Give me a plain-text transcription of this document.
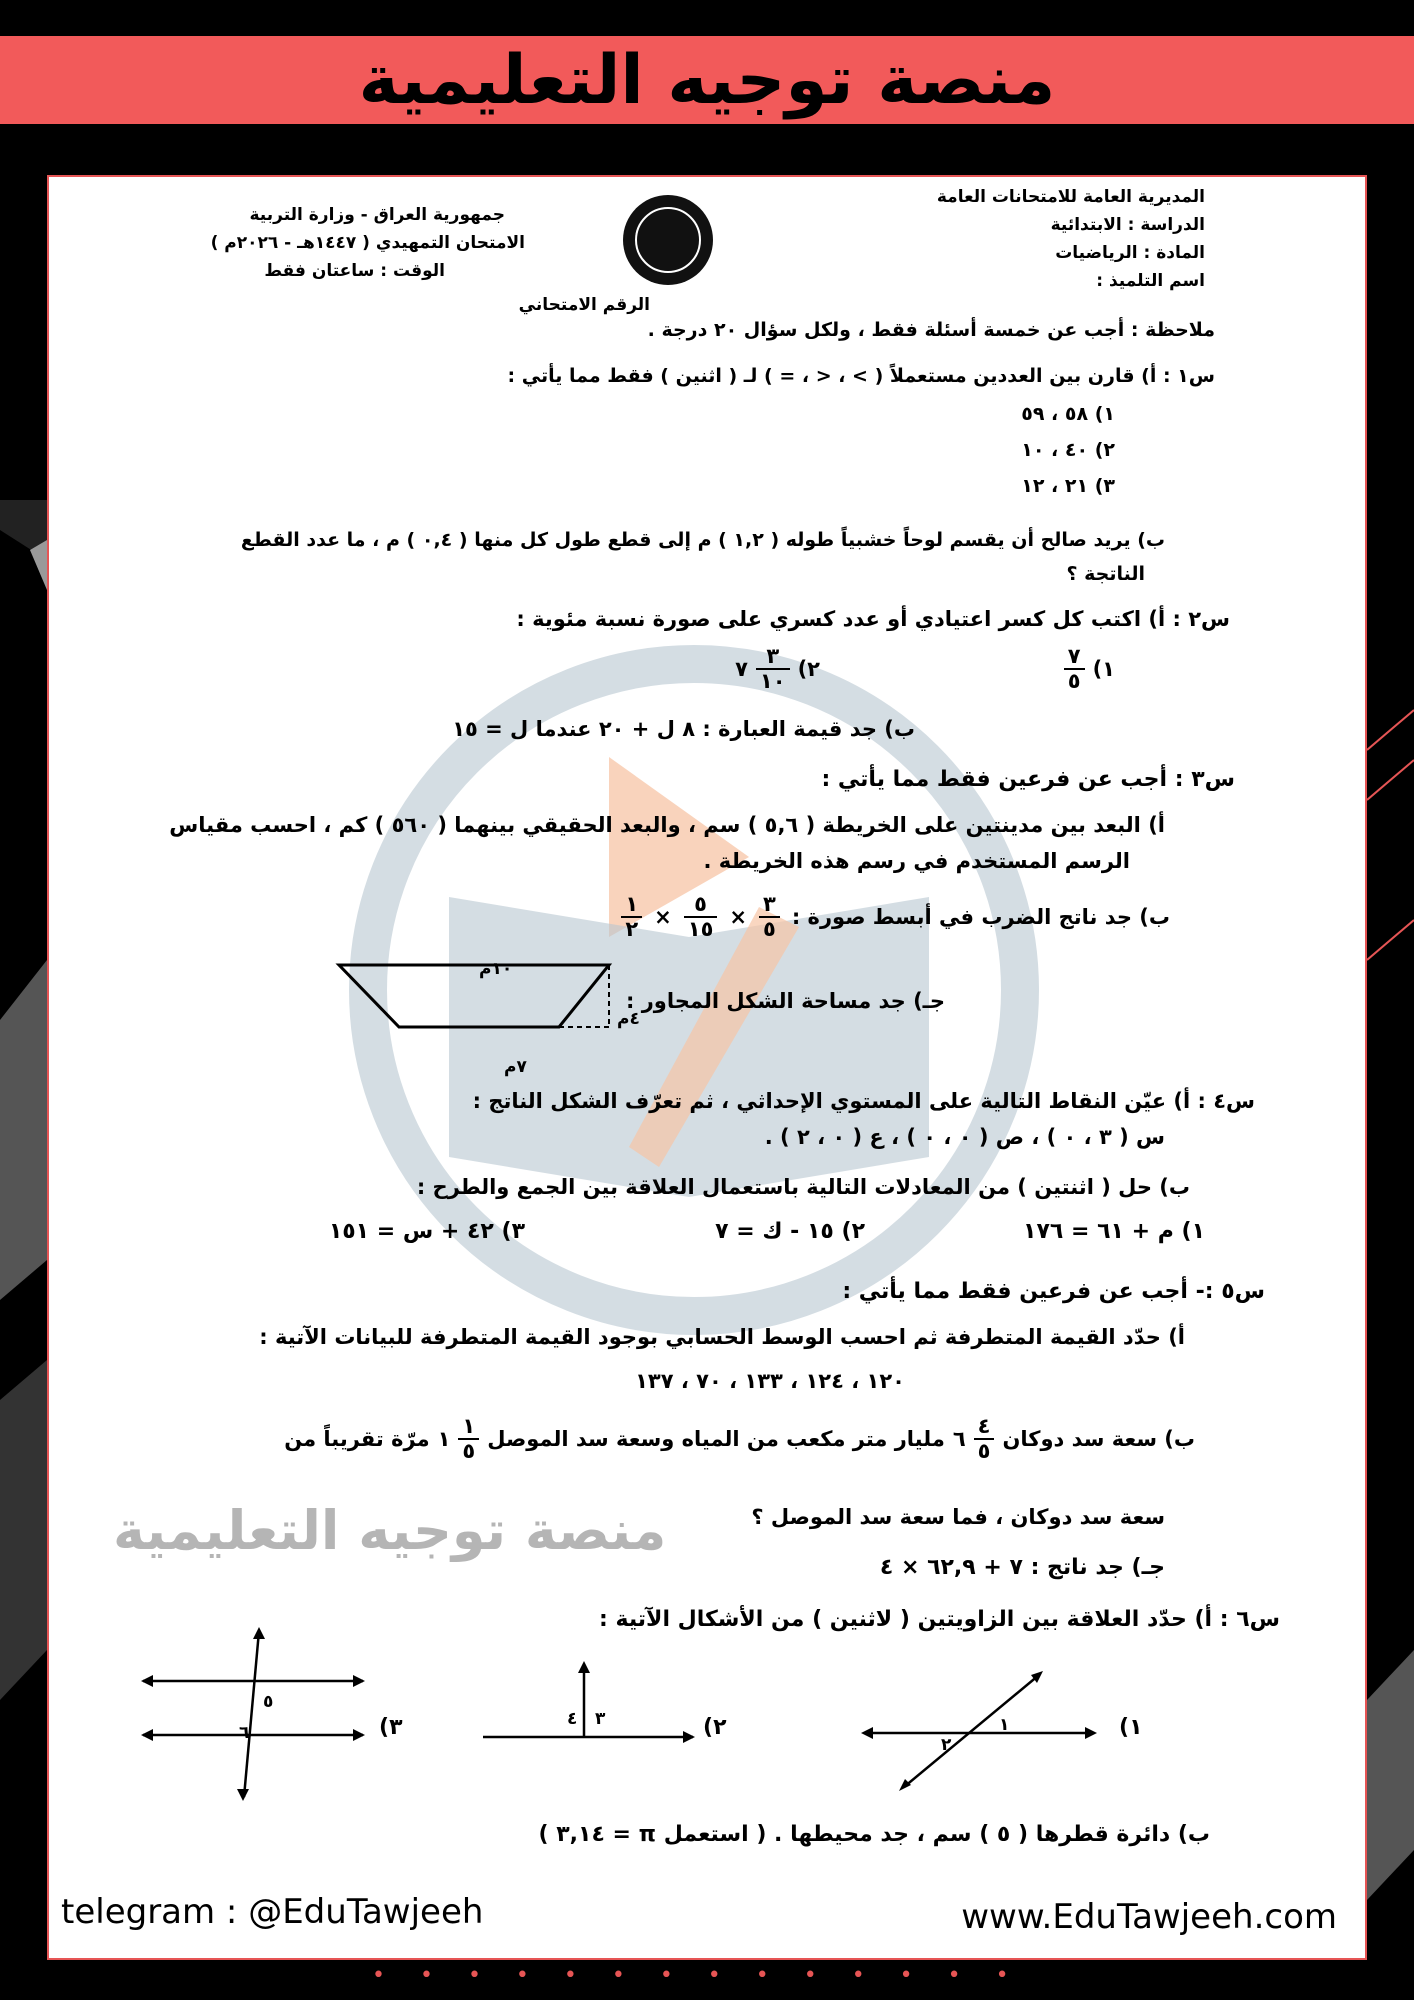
منصة توجيه التعليمية
المديرية العامة للامتحانات العامة
الدراسة : الابتدائية
المادة : الرياضيات
اسم التلميذ :
جمهورية العراق - وزارة التربية
الامتحان التمهيدي ( ١٤٤٧هـ - ٢٠٢٦م )
الوقت : ساعتان فقط
الرقم الامتحاني
ملاحظة : أجب عن خمسة أسئلة فقط ، ولكل سؤال ٢٠ درجة .
س١ : أ) قارن بين العددين مستعملاً ( > ، < ، = ) لـ ( اثنين ) فقط مما يأتي :
١) ٥٨ ، ٥٩
٢) ٤٠ ، ١٠
٣) ٢١ ، ١٢
ب) يريد صالح أن يقسم لوحاً خشبياً طوله ( ١,٢ ) م إلى قطع طول كل منها ( ٠,٤ ) م ، ما عدد القطع
الناتجة ؟
س٢ : أ) اكتب كل كسر اعتيادي أو عدد كسري على صورة نسبة مئوية :
١)
$\frac{٧}{٥}$
٢)
$\frac{٣}{١٠}$
٧
ب) جد قيمة العبارة : ٨ ل + ٢٠ عندما ل = ١٥
س٣ : أجب عن فرعين فقط مما يأتي :
أ) البعد بين مدينتين على الخريطة ( ٥,٦ ) سم ، والبعد الحقيقي بينهما ( ٥٦٠ ) كم ، احسب مقياس
الرسم المستخدم في رسم هذه الخريطة .
ب) جد ناتج الضرب في أبسط صورة :
$\frac{٣}{٥}$
×
$\frac{٥}{١٥}$
×
$\frac{١}{٢}$
جـ) جد مساحة الشكل المجاور :
١٠م
٤م
٧م
س٤ : أ) عيّن النقاط التالية على المستوي الإحداثي ، ثم تعرّف الشكل الناتج :
س ( ٣ ، ٠ ) ، ص ( ٠ ، ٠ ) ، ع ( ٠ ، ٢ ) .
ب) حل ( اثنتين ) من المعادلات التالية باستعمال العلاقة بين الجمع والطرح :
١) م + ٦١ = ١٧٦
٢) ١٥ - ك = ٧
٣) ٤٢ + س = ١٥١
س٥ :- أجب عن فرعين فقط مما يأتي :
أ) حدّد القيمة المتطرفة ثم احسب الوسط الحسابي بوجود القيمة المتطرفة للبيانات الآتية :
١٢٠ ، ١٢٤ ، ١٣٣ ، ٧٠ ، ١٣٧
ب) سعة سد دوكان
$\frac{٤}{٥}$
٦
مليار متر مكعب من المياه وسعة سد الموصل
$\frac{١}{٥}$
١
مرّة تقريباً من
سعة سد دوكان ، فما سعة سد الموصل ؟
جـ) جد ناتج : ٧ + ٦٢,٩ × ٤
منصة توجيه التعليمية
س٦ : أ) حدّد العلاقة بين الزاويتين ( لاثنين ) من الأشكال الآتية :
١)
١
٢
٢)
٤ ٣
٣)
٥
٦
ب) دائرة قطرها ( ٥ ) سم ، جد محيطها . ( استعمل π = ٣,١٤ )
telegram : @EduTawjeeh	www.EduTawjeeh.com
• • • • • • • • • • • • • •
